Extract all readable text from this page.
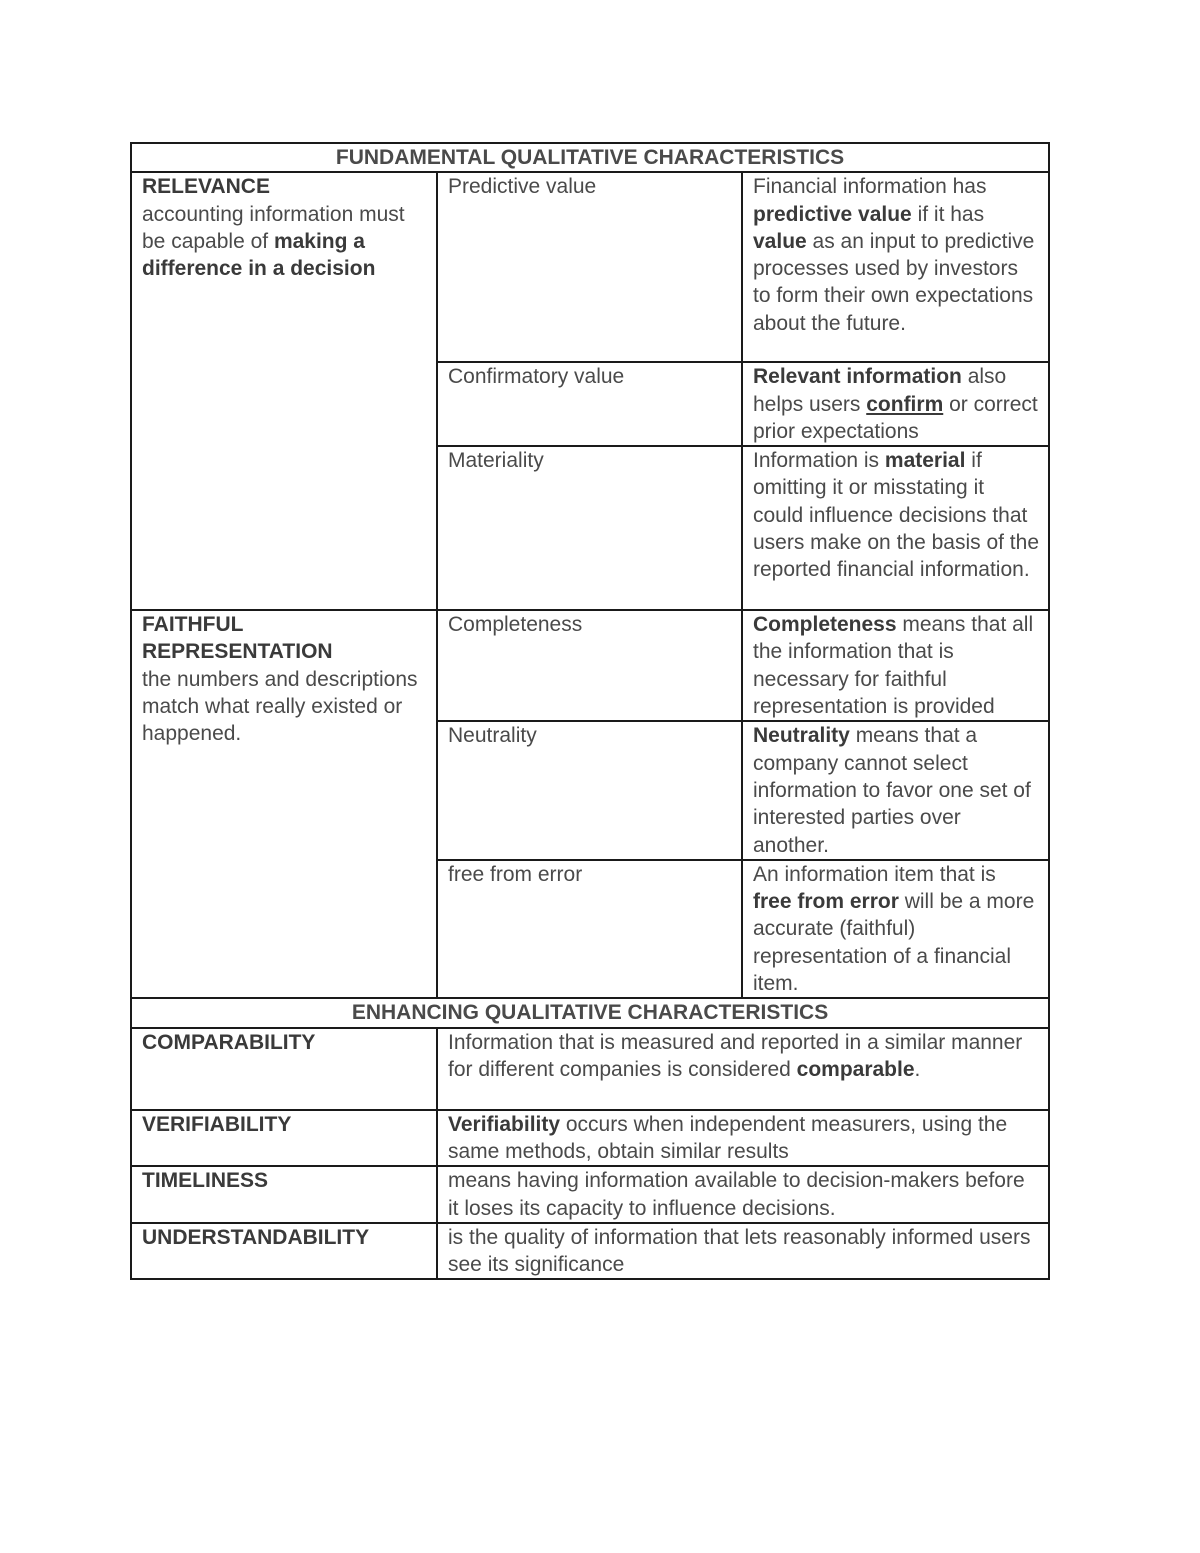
FUNDAMENTAL QUALITATIVE CHARACTERISTICS		

RELEVANCE
accounting information must be capable of making a difference in a decision	Predictive value	Financial information has predictive value if it has value as an input to predictive processes used by investors to form their own expectations about the future.
	Confirmatory value	Relevant information also helps users confirm or correct prior expectations
	Materiality	Information is material if omitting it or misstating it could influence decisions that users make on the basis of the reported financial information.

FAITHFUL REPRESENTATION
the numbers and descriptions match what really existed or happened.	Completeness	Completeness means that all the information that is necessary for faithful representation is provided
	Neutrality	Neutrality means that a company cannot select information to favor one set of interested parties over another.
	free from error	An information item that is free from error will be a more accurate (faithful) representation of a financial item.
ENHANCING QUALITATIVE CHARACTERISTICS		
COMPARABILITY	Information that is measured and reported in a similar manner for different companies is considered comparable.	
VERIFIABILITY	Verifiability occurs when independent measurers, using the same methods, obtain similar results	
TIMELINESS	means having information available to decision-makers before it loses its capacity to influence decisions.	
UNDERSTANDABILITY	is the quality of information that lets reasonably informed users see its significance	
